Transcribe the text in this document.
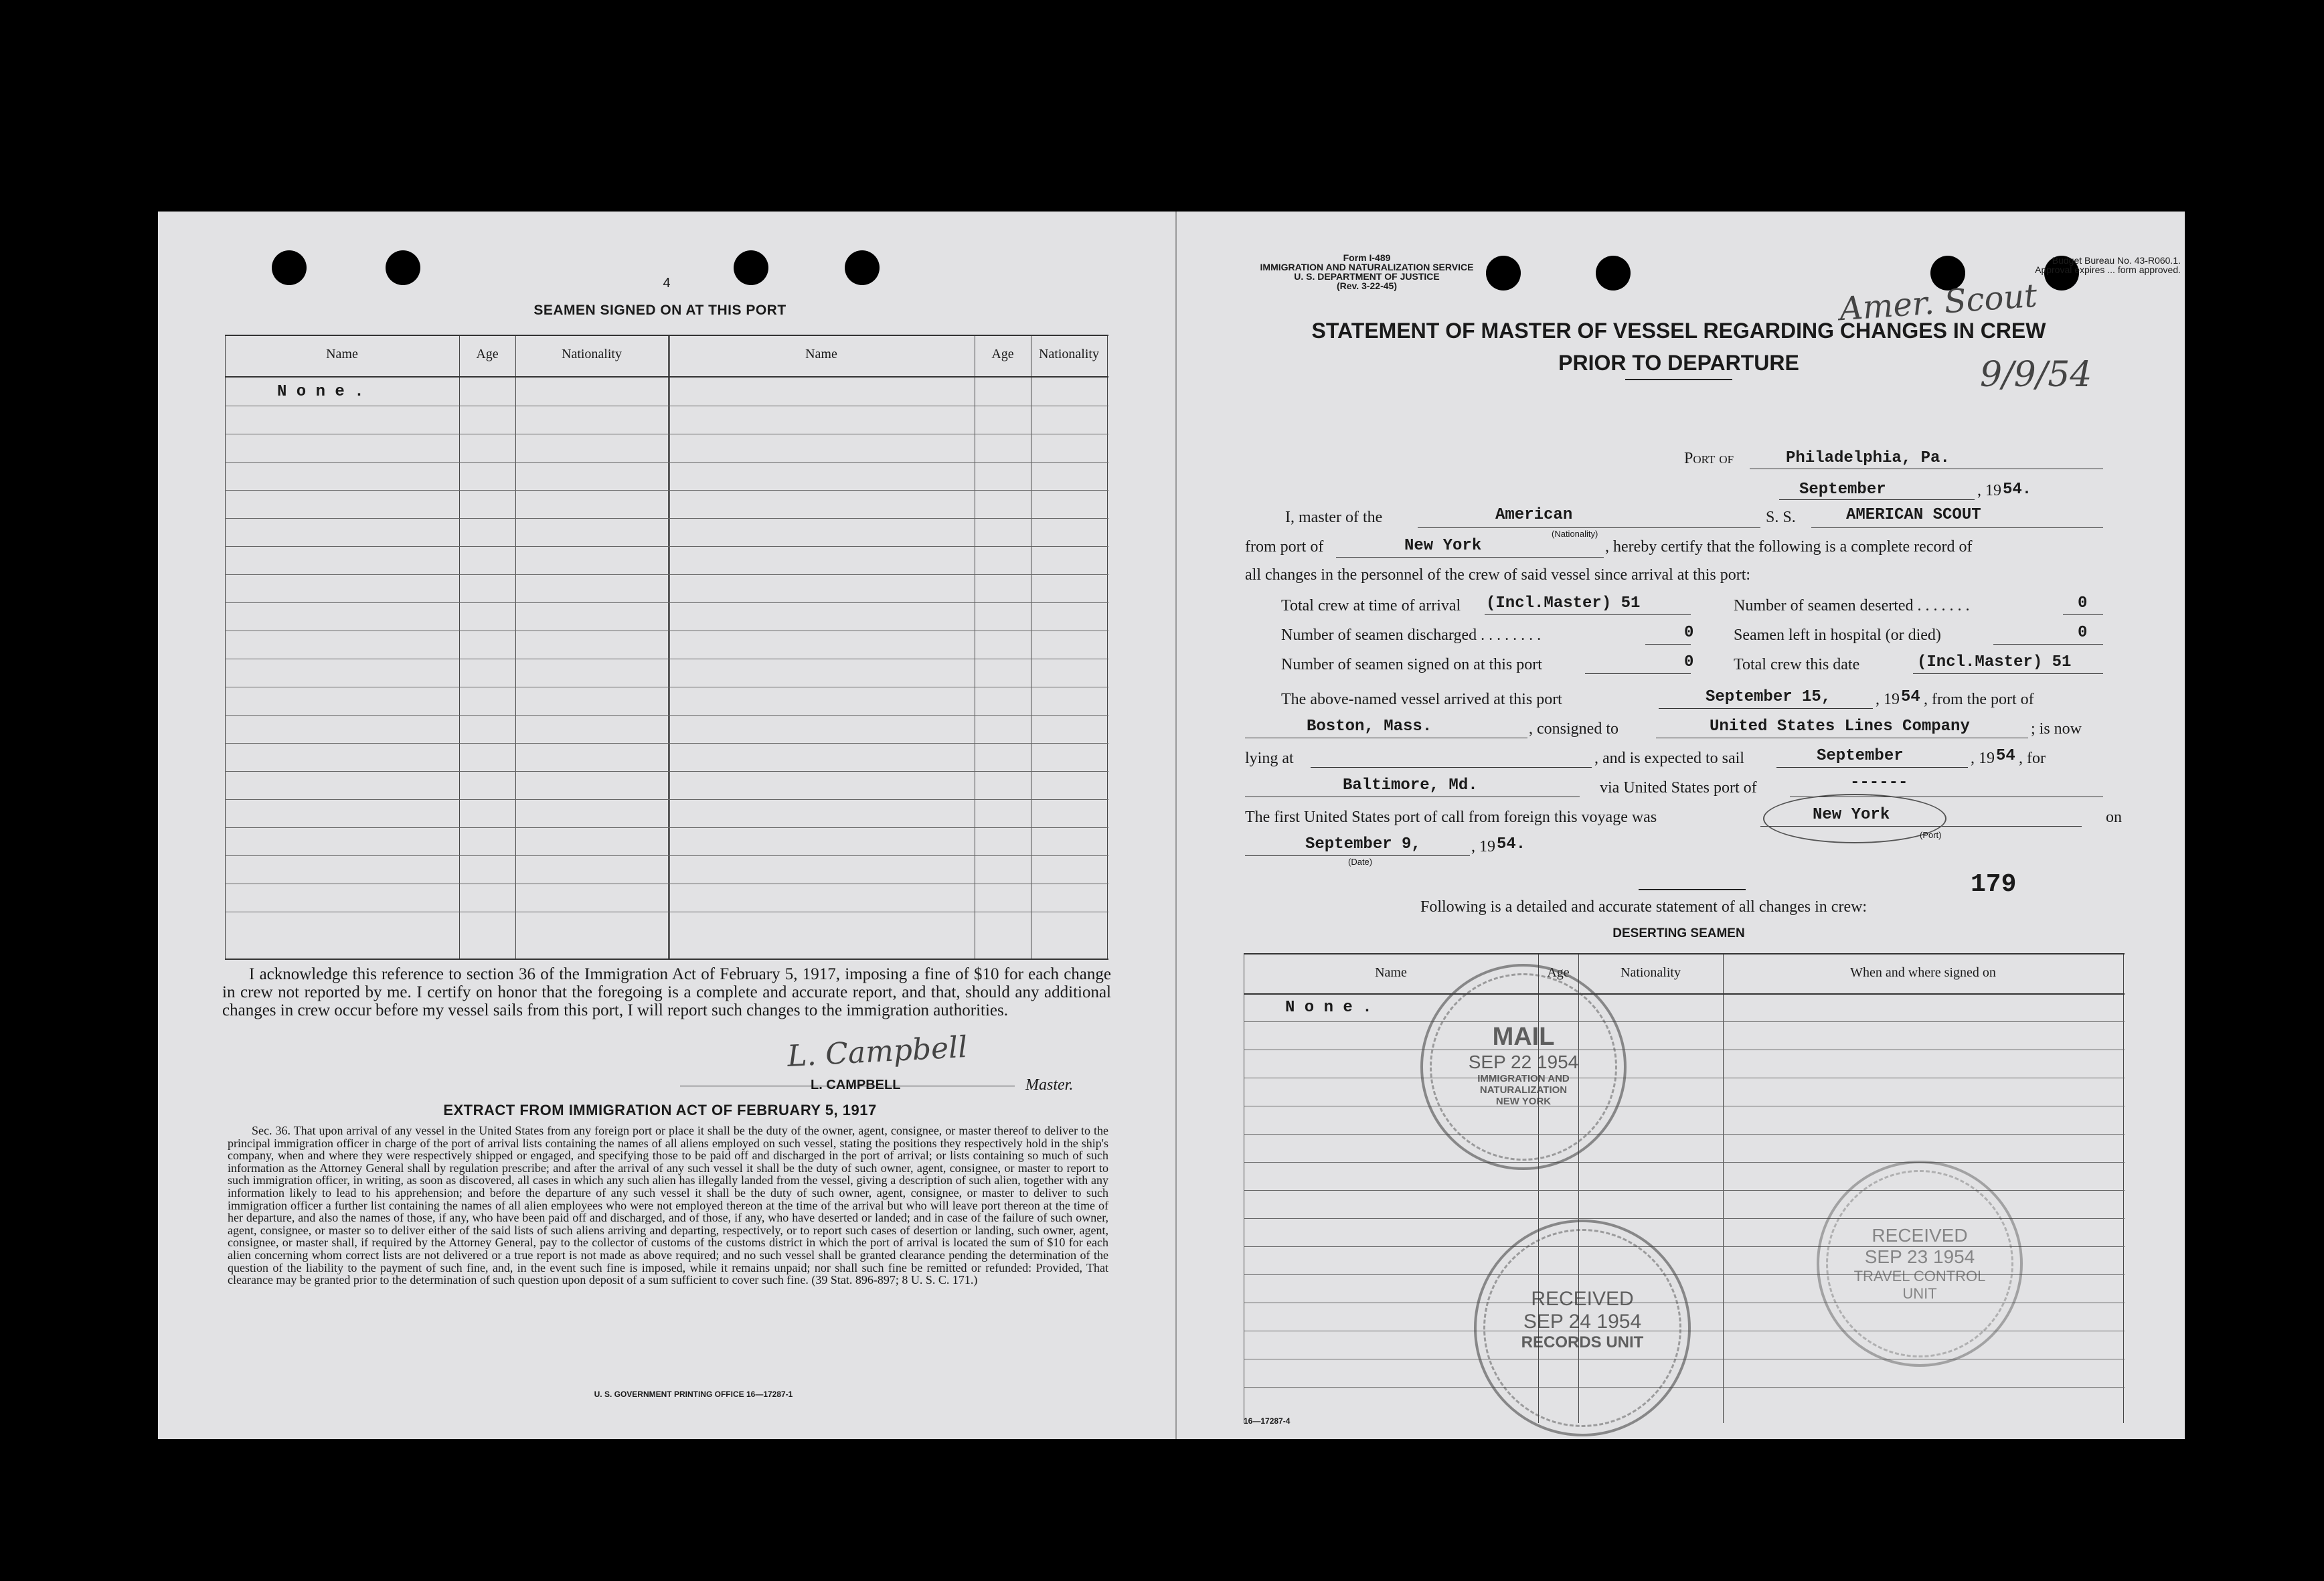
4
SEAMEN SIGNED ON AT THIS PORT
Name	Age	Nationality	Name	Age	Nationality
N o n e .
I acknowledge this reference to section 36 of the Immigration Act of February 5, 1917, imposing a fine of $10 for each change in crew not reported by me. I certify on honor that the foregoing is a complete and accurate report, and that, should any additional changes in crew occur before my vessel sails from this port, I will report such changes to the immigration authorities.
L. Campbell
L. CAMPBELL	Master.
EXTRACT FROM IMMIGRATION ACT OF FEBRUARY 5, 1917
Sec. 36. That upon arrival of any vessel in the United States from any foreign port or place it shall be the duty of the owner, agent, consignee, or master thereof to deliver to the principal immigration officer in charge of the port of arrival lists containing the names of all aliens employed on such vessel, stating the positions they respectively hold in the ship's company, when and where they were respectively shipped or engaged, and specifying those to be paid off and discharged in the port of arrival; or lists containing so much of such information as the Attorney General shall by regulation prescribe; and after the arrival of any such vessel it shall be the duty of such owner, agent, consignee, or master to report to such immigration officer, in writing, as soon as discovered, all cases in which any such alien has illegally landed from the vessel, giving a description of such alien, together with any information likely to lead to his apprehension; and before the departure of any such vessel it shall be the duty of such owner, agent, consignee, or master to deliver to such immigration officer a further list containing the names of all alien employees who were not employed thereon at the time of the arrival but who will leave port thereon at the time of her departure, and also the names of those, if any, who have been paid off and discharged, and of those, if any, who have deserted or landed; and in case of the failure of such owner, agent, consignee, or master so to deliver either of the said lists of such aliens arriving and departing, respectively, or to report such cases of desertion or landing, such owner, agent, consignee, or master shall, if required by the Attorney General, pay to the collector of customs of the customs district in which the port of arrival is located the sum of $10 for each alien concerning whom correct lists are not delivered or a true report is not made as above required; and no such vessel shall be granted clearance pending the determination of the question of the liability to the payment of such fine, and, in the event such fine is imposed, while it remains unpaid; nor shall such fine be remitted or refunded: Provided, That clearance may be granted prior to the determination of such question upon deposit of a sum sufficient to cover such fine. (39 Stat. 896-897; 8 U. S. C. 171.)
U. S. GOVERNMENT PRINTING OFFICE 16—17287-1
Form I-489
IMMIGRATION AND NATURALIZATION SERVICE
U. S. DEPARTMENT OF JUSTICE
(Rev. 3-22-45)
Budget Bureau No. 43-R060.1.
Approval expires ... form approved.
STATEMENT OF MASTER OF VESSEL REGARDING CHANGES IN CREW
PRIOR TO DEPARTURE
Amer. Scout
9/9/54
Port of	Philadelphia, Pa.
September	, 19 54.
I, master of the	American
(Nationality)
S. S.	AMERICAN SCOUT
from port of	New York	, hereby certify that the following is a complete record of
all changes in the personnel of the crew of said vessel since arrival at this port:
Total crew at time of arrival (Incl.Master) 51	Number of seamen deserted . . . . . . .	0
Number of seamen discharged . . . . . . . .	0 Seamen left in hospital (or died)	0
Number of seamen signed on at this port	0 Total crew this date	(Incl.Master) 51
The above-named vessel arrived at this port	September 15,	, 19 54 , from the port of
Boston, Mass.	, consigned to	United States Lines Company	; is now
lying at	, and is expected to sail	September	, 19 54 , for
Baltimore, Md.	via United States port of	------
The first United States port of call from foreign this voyage was	New York
(Port)
on
September 9,
(Date)
, 19 54.
179
Following is a detailed and accurate statement of all changes in crew:
DESERTING SEAMEN
Name	Age	Nationality	When and where signed on
N o n e .
MAIL
SEP 22 1954
IMMIGRATION AND
NATURALIZATION
NEW YORK
RECEIVED
SEP 24 1954
RECORDS UNIT
RECEIVED
SEP 23 1954
TRAVEL CONTROL
UNIT
16—17287-4
